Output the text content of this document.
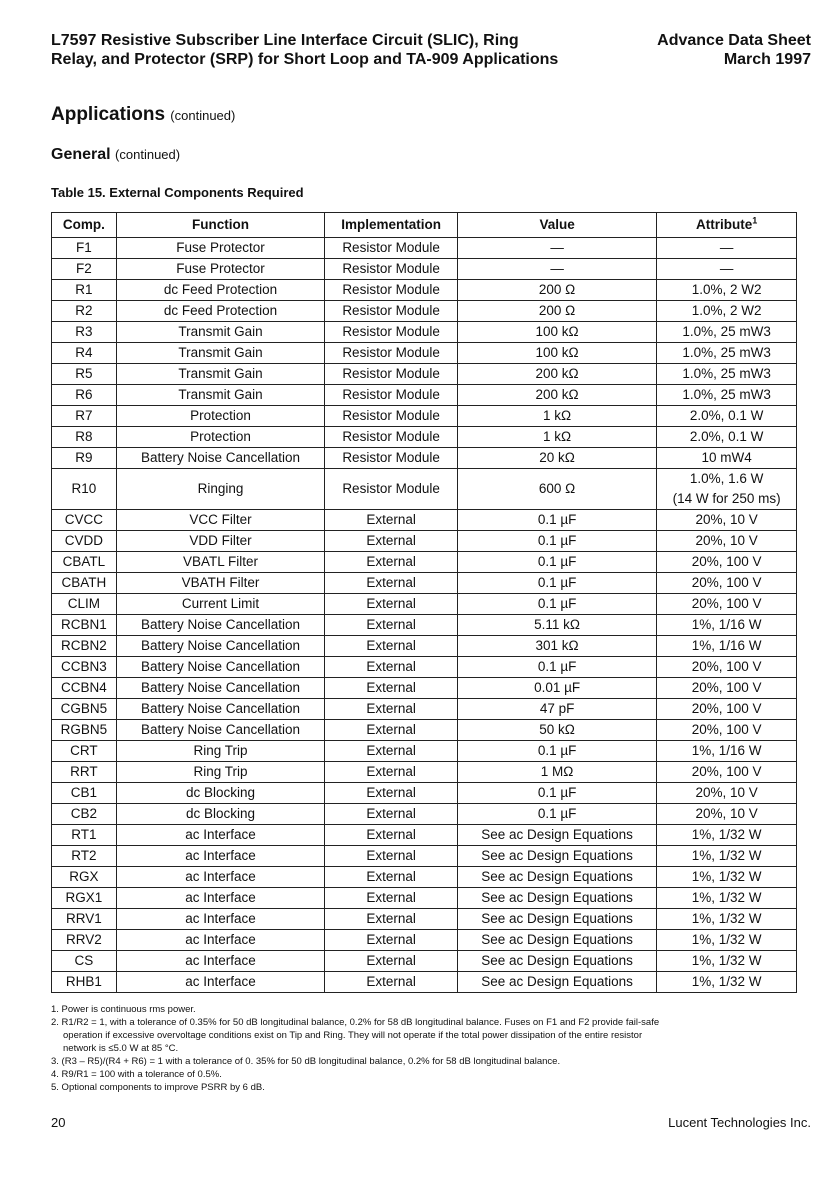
L7597 Resistive Subscriber Line Interface Circuit (SLIC), Ring
Relay, and Protector (SRP) for Short Loop and TA-909 Applications
Advance Data Sheet
March 1997
Applications (continued)
General (continued)
Table 15. External Components Required
Comp.	Function	Implementation	Value	Attribute$^1$
F1	Fuse Protector	Resistor Module	—	—
F2	Fuse Protector	Resistor Module	—	—
R1	dc Feed Protection	Resistor Module	200 Ω	1.0%, 2 W2
R2	dc Feed Protection	Resistor Module	200 Ω	1.0%, 2 W2
R3	Transmit Gain	Resistor Module	100 kΩ	1.0%, 25 mW3
R4	Transmit Gain	Resistor Module	100 kΩ	1.0%, 25 mW3
R5	Transmit Gain	Resistor Module	200 kΩ	1.0%, 25 mW3
R6	Transmit Gain	Resistor Module	200 kΩ	1.0%, 25 mW3
R7	Protection	Resistor Module	1 kΩ	2.0%, 0.1 W
R8	Protection	Resistor Module	1 kΩ	2.0%, 0.1 W
R9	Battery Noise Cancellation	Resistor Module	20 kΩ	10 mW4
R10	Ringing	Resistor Module	600 Ω	1.0%, 1.6 W
(14 W for 250 ms)

CVCC	VCC Filter	External	0.1 µF	20%, 10 V
CVDD	VDD Filter	External	0.1 µF	20%, 10 V
CBATL	VBATL Filter	External	0.1 µF	20%, 100 V
CBATH	VBATH Filter	External	0.1 µF	20%, 100 V
CLIM	Current Limit	External	0.1 µF	20%, 100 V
RCBN1	Battery Noise Cancellation	External	5.11 kΩ	1%, 1/16 W
RCBN2	Battery Noise Cancellation	External	301 kΩ	1%, 1/16 W
CCBN3	Battery Noise Cancellation	External	0.1 µF	20%, 100 V
CCBN4	Battery Noise Cancellation	External	0.01 µF	20%, 100 V
CGBN5	Battery Noise Cancellation	External	47 pF	20%, 100 V
RGBN5	Battery Noise Cancellation	External	50 kΩ	20%, 100 V
CRT	Ring Trip	External	0.1 µF	1%, 1/16 W
RRT	Ring Trip	External	1 MΩ	20%, 100 V
CB1	dc Blocking	External	0.1 µF	20%, 10 V
CB2	dc Blocking	External	0.1 µF	20%, 10 V
RT1	ac Interface	External	See ac Design Equations	1%, 1/32 W
RT2	ac Interface	External	See ac Design Equations	1%, 1/32 W
RGX	ac Interface	External	See ac Design Equations	1%, 1/32 W
RGX1	ac Interface	External	See ac Design Equations	1%, 1/32 W
RRV1	ac Interface	External	See ac Design Equations	1%, 1/32 W
RRV2	ac Interface	External	See ac Design Equations	1%, 1/32 W
CS	ac Interface	External	See ac Design Equations	1%, 1/32 W
RHB1	ac Interface	External	See ac Design Equations	1%, 1/32 W
1. Power is continuous rms power.
2. R1/R2 = 1, with a tolerance of 0.35% for 50 dB longitudinal balance, 0.2% for 58 dB longitudinal balance. Fuses on F1 and F2 provide fail-safe
operation if excessive overvoltage conditions exist on Tip and Ring. They will not operate if the total power dissipation of the entire resistor
network is ≤5.0 W at 85 °C.
3. (R3 – R5)/(R4 + R6) = 1 with a tolerance of 0. 35% for 50 dB longitudinal balance, 0.2% for 58 dB longitudinal balance.
4. R9/R1 = 100 with a tolerance of 0.5%.
5. Optional components to improve PSRR by 6 dB.
20	Lucent Technologies Inc.
